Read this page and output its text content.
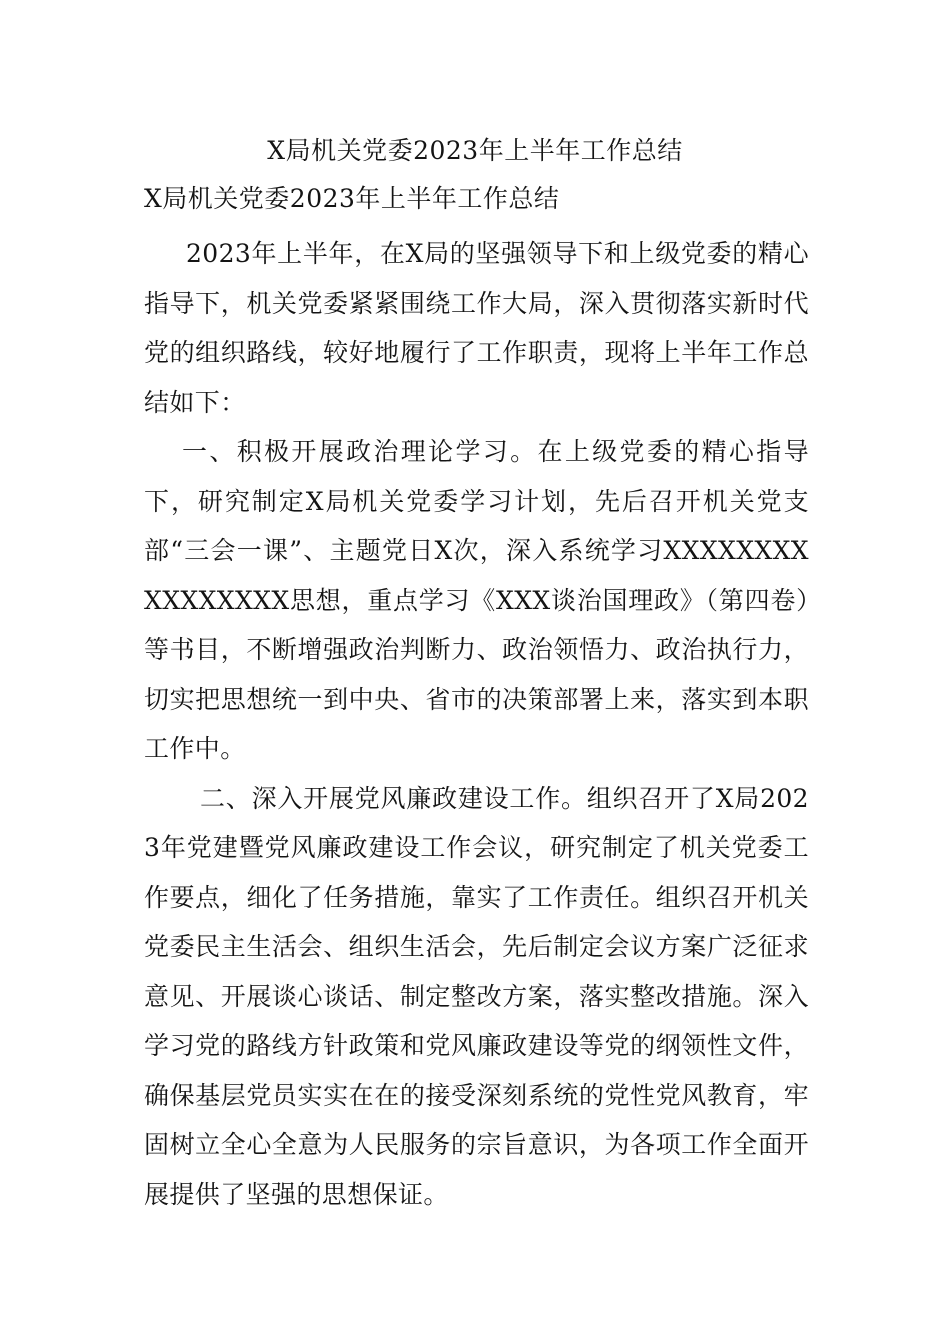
X局机关党委2023年上半年工作总结
X局机关党委2023年上半年工作总结

2023年上半年，在X局的坚强领导下和上级党委的精心指导下，机关党委紧紧围绕工作大局，深入贯彻落实新时代党的组织路线，较好地履行了工作职责，现将上半年工作总结如下：

一、积极开展政治理论学习。在上级党委的精心指导下，研究制定X局机关党委学习计划，先后召开机关党支部“三会一课”、主题党日X次，深入系统学习XXXXXXXXXXXXXXXX思想，重点学习《XXX谈治国理政》（第四卷）等书目，不断增强政治判断力、政治领悟力、政治执行力，切实把思想统一到中央、省市的决策部署上来，落实到本职工作中。

二、深入开展党风廉政建设工作。组织召开了X局2023年党建暨党风廉政建设工作会议，研究制定了机关党委工作要点，细化了任务措施，靠实了工作责任。组织召开机关党委民主生活会、组织生活会，先后制定会议方案广泛征求意见、开展谈心谈话、制定整改方案，落实整改措施。深入学习党的路线方针政策和党风廉政建设等党的纲领性文件，确保基层党员实实在在的接受深刻系统的党性党风教育，牢固树立全心全意为人民服务的宗旨意识，为各项工作全面开展提供了坚强的思想保证。
